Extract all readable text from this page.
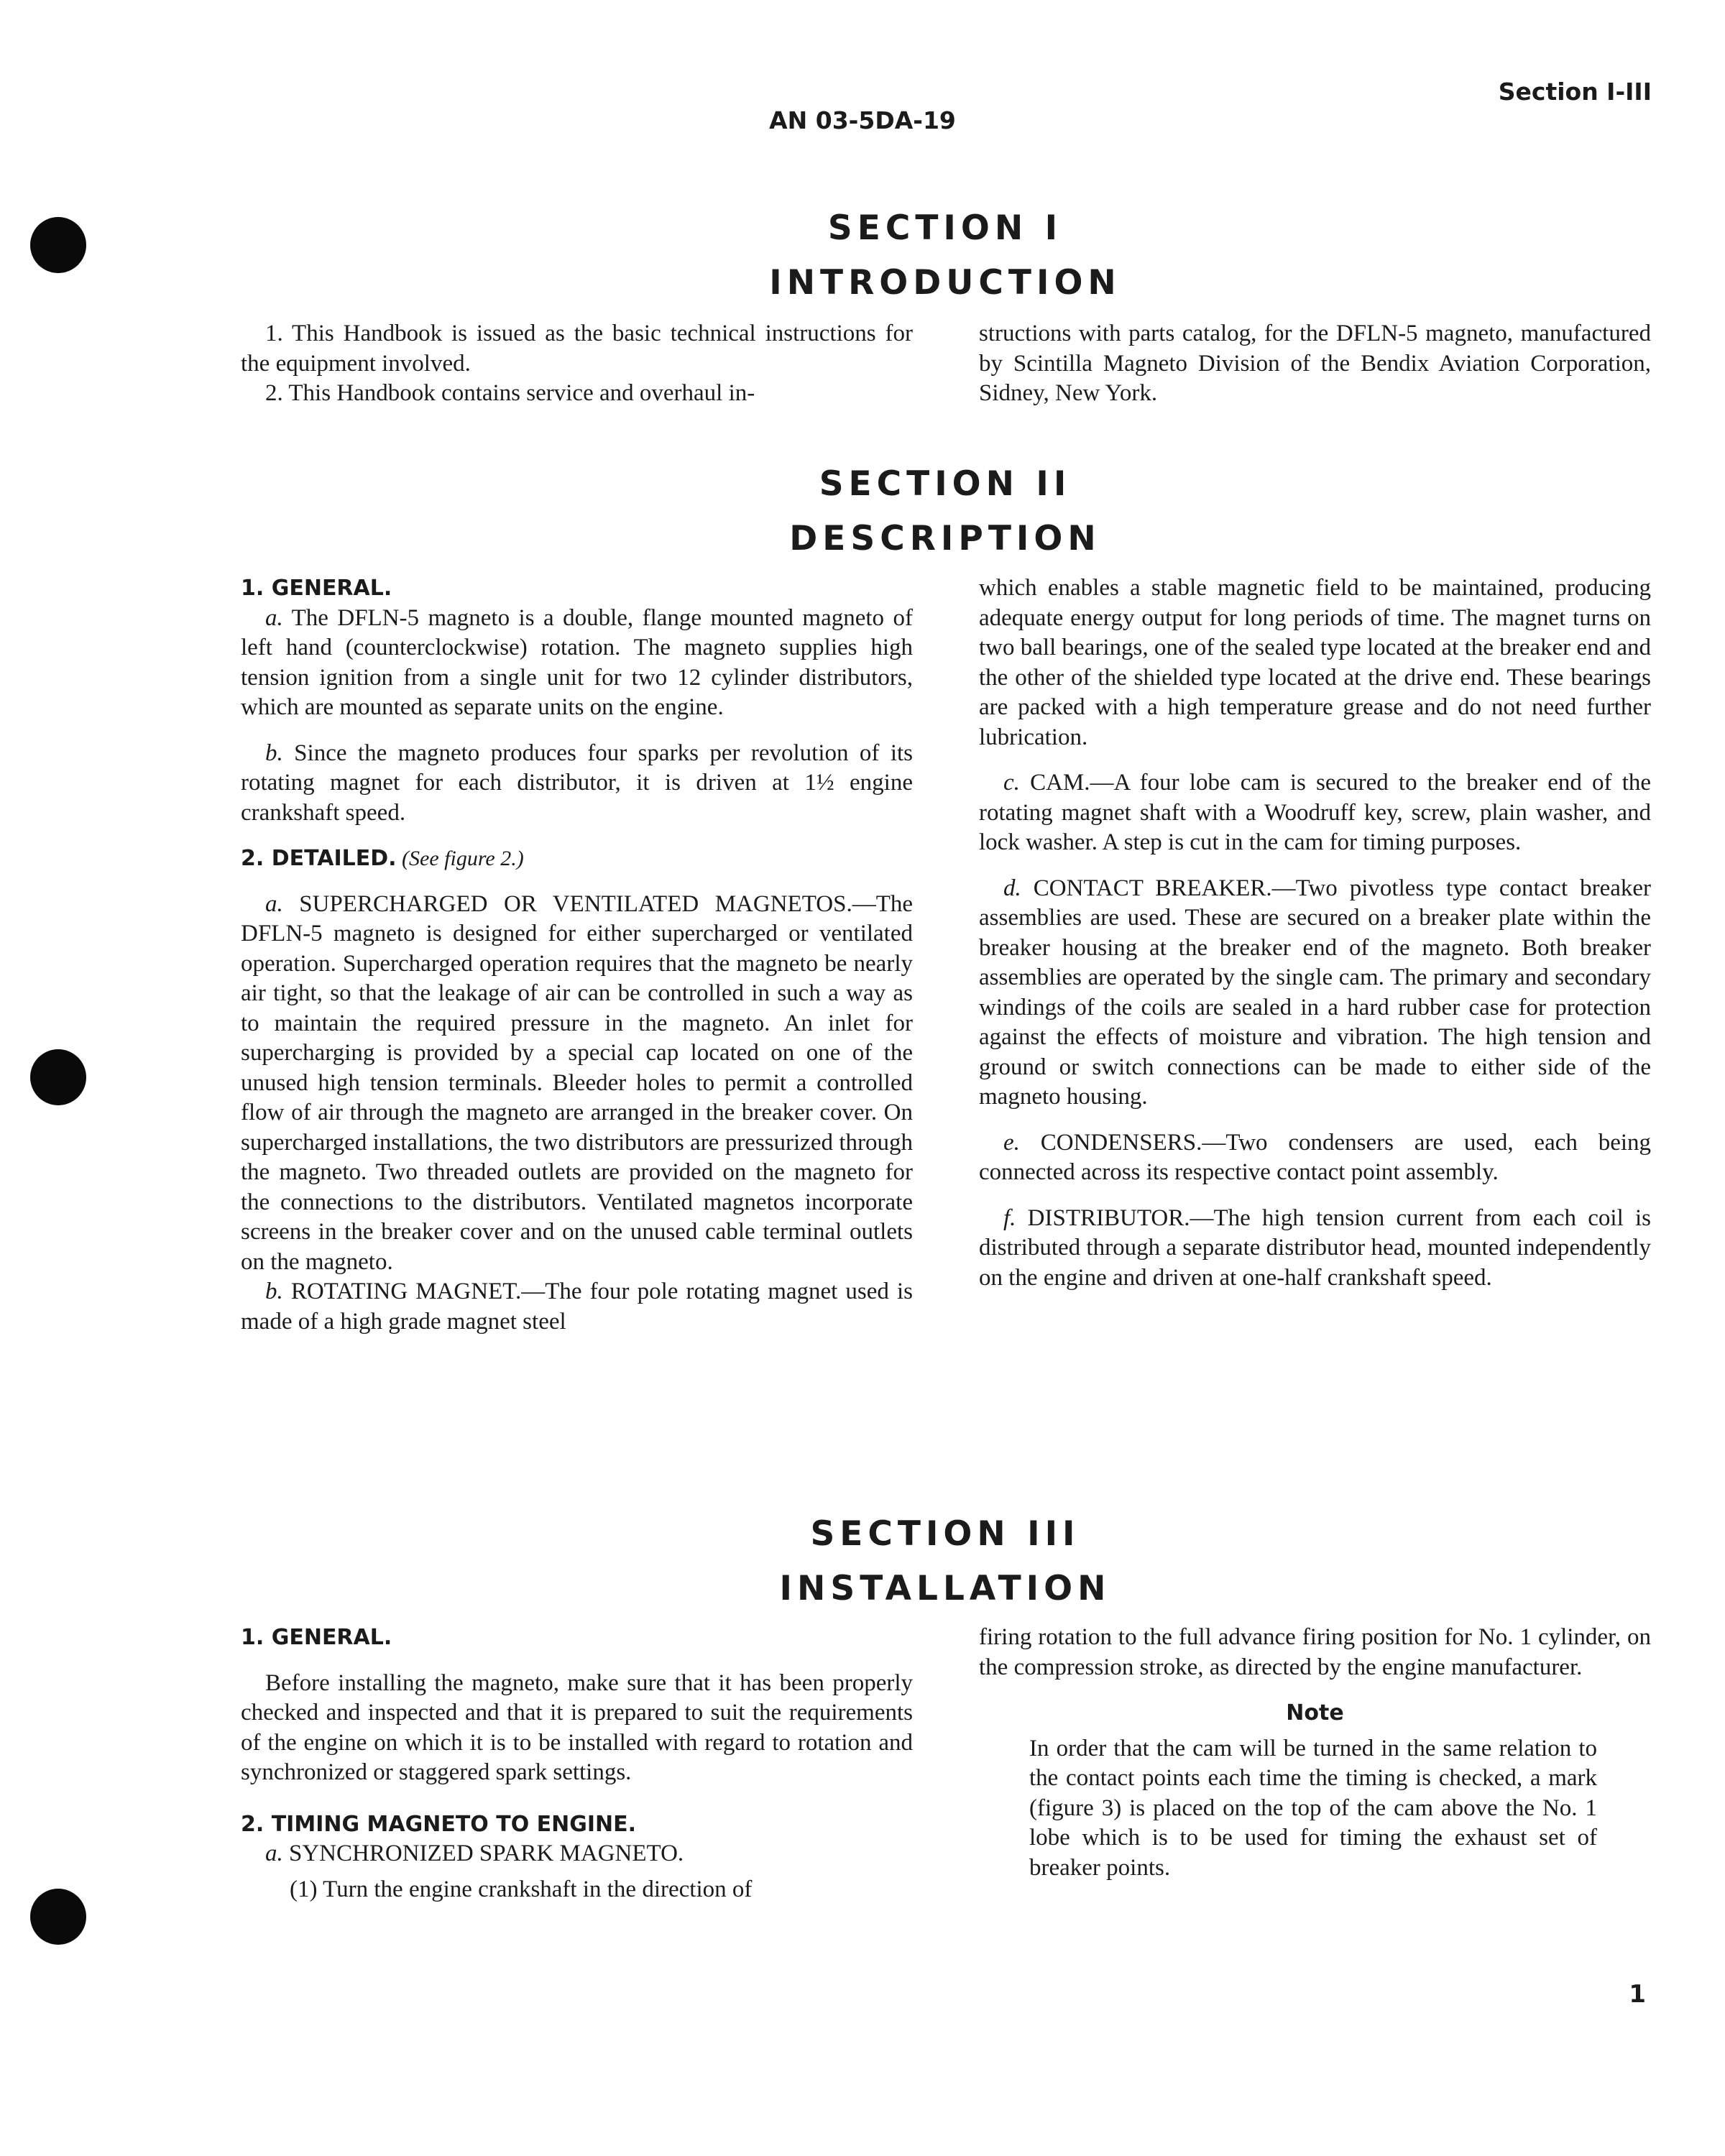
Section I-III
AN 03-5DA-19
SECTION I
INTRODUCTION

1. This Handbook is issued as the basic technical instructions for the equipment involved.

2. This Handbook contains service and overhaul in-

structions with parts catalog, for the DFLN-5 magneto, manufactured by Scintilla Magneto Division of the Bendix Aviation Corporation, Sidney, New York.

SECTION II
DESCRIPTION
1. GENERAL.

a. The DFLN-5 magneto is a double, flange mounted magneto of left hand (counterclockwise) rotation. The magneto supplies high tension ignition from a single unit for two 12 cylinder distributors, which are mounted as separate units on the engine.

b. Since the magneto produces four sparks per revolution of its rotating magnet for each distributor, it is driven at 1½ engine crankshaft speed.

2. DETAILED. (See figure 2.)

a. SUPERCHARGED OR VENTILATED MAGNETOS.—The DFLN-5 magneto is designed for either supercharged or ventilated operation. Supercharged operation requires that the magneto be nearly air tight, so that the leakage of air can be controlled in such a way as to maintain the required pressure in the magneto. An inlet for supercharging is provided by a special cap located on one of the unused high tension terminals. Bleeder holes to permit a controlled flow of air through the magneto are arranged in the breaker cover. On supercharged installations, the two distributors are pressurized through the magneto. Two threaded outlets are provided on the magneto for the connections to the distributors. Ventilated magnetos incorporate screens in the breaker cover and on the unused cable terminal outlets on the magneto.

b. ROTATING MAGNET.—The four pole rotating magnet used is made of a high grade magnet steel

which enables a stable magnetic field to be maintained, producing adequate energy output for long periods of time. The magnet turns on two ball bearings, one of the sealed type located at the breaker end and the other of the shielded type located at the drive end. These bearings are packed with a high temperature grease and do not need further lubrication.

c. CAM.—A four lobe cam is secured to the breaker end of the rotating magnet shaft with a Woodruff key, screw, plain washer, and lock washer. A step is cut in the cam for timing purposes.

d. CONTACT BREAKER.—Two pivotless type contact breaker assemblies are used. These are secured on a breaker plate within the breaker housing at the breaker end of the magneto. Both breaker assemblies are operated by the single cam. The primary and secondary windings of the coils are sealed in a hard rubber case for protection against the effects of moisture and vibration. The high tension and ground or switch connections can be made to either side of the magneto housing.

e. CONDENSERS.—Two condensers are used, each being connected across its respective contact point assembly.

f. DISTRIBUTOR.—The high tension current from each coil is distributed through a separate distributor head, mounted independently on the engine and driven at one-half crankshaft speed.

SECTION III
INSTALLATION
1. GENERAL.

Before installing the magneto, make sure that it has been properly checked and inspected and that it is prepared to suit the requirements of the engine on which it is to be installed with regard to rotation and synchronized or staggered spark settings.

2. TIMING MAGNETO TO ENGINE.

a. SYNCHRONIZED SPARK MAGNETO.

(1) Turn the engine crankshaft in the direction of

firing rotation to the full advance firing position for No. 1 cylinder, on the compression stroke, as directed by the engine manufacturer.

Note

In order that the cam will be turned in the same relation to the contact points each time the timing is checked, a mark (figure 3) is placed on the top of the cam above the No. 1 lobe which is to be used for timing the exhaust set of breaker points.

1
